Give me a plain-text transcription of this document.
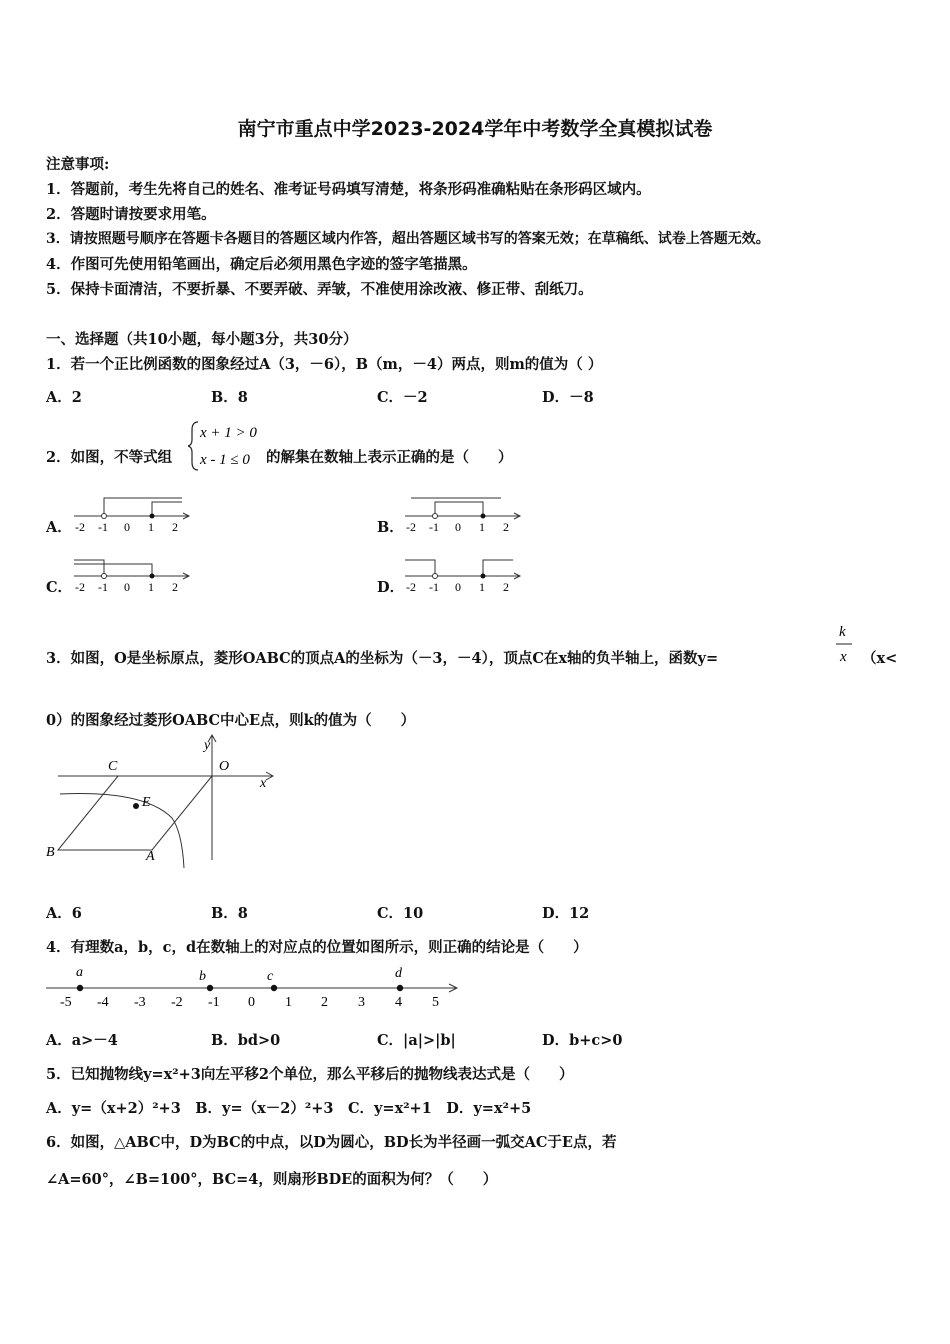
南宁市重点中学2023-2024学年中考数学全真模拟试卷
注意事项:
1．答题前，考生先将自己的姓名、准考证号码填写清楚，将条形码准确粘贴在条形码区域内。
2．答题时请按要求用笔。
3．请按照题号顺序在答题卡各题目的答题区域内作答，超出答题区域书写的答案无效；在草稿纸、试卷上答题无效。
4．作图可先使用铅笔画出，确定后必须用黑色字迹的签字笔描黑。
5．保持卡面清洁，不要折暴、不要弄破、弄皱，不准使用涂改液、修正带、刮纸刀。
一、选择题（共10小题，每小题3分，共30分）
1．若一个正比例函数的图象经过A（3，－6），B（m，－4）两点，则m的值为（ ）
A．2	B．8	C．－2	D．－8
2．如图，不等式组
x + 1 > 0
x - 1 ≤ 0 的解集在数轴上表示正确的是（　　）
A．	B．
C．	D．
-2 -1 0 1 2	-2 -1 0 1 2
-2 -1 0 1 2	-2 -1 0 1 2
3．如图，O是坐标原点，菱形OABC的顶点A的坐标为（－3，－4），顶点C在x轴的负半轴上，函数y=
k
x （x<
0）的图象经过菱形OABC中心E点，则k的值为（　　）
y
x
O
C
E
B	A
A．6	B．8	C．10	D．12
4．有理数a，b，c，d在数轴上的对应点的位置如图所示，则正确的结论是（　　）
a	b	c	d
-5 -4 -3 -2 -1 0 1 2 3 4 5
A．a>－4	B．bd>0	C．|a|>|b|	D．b+c>0
5．已知抛物线y=x²+3向左平移2个单位，那么平移后的抛物线表达式是（　　）
A．y=（x+2）²+3　B．y=（x－2）²+3　C．y=x²+1　D．y=x²+5
6．如图，△ABC中，D为BC的中点，以D为圆心，BD长为半径画一弧交AC于E点，若
∠A=60°，∠B=100°，BC=4，则扇形BDE的面积为何？（　　）
